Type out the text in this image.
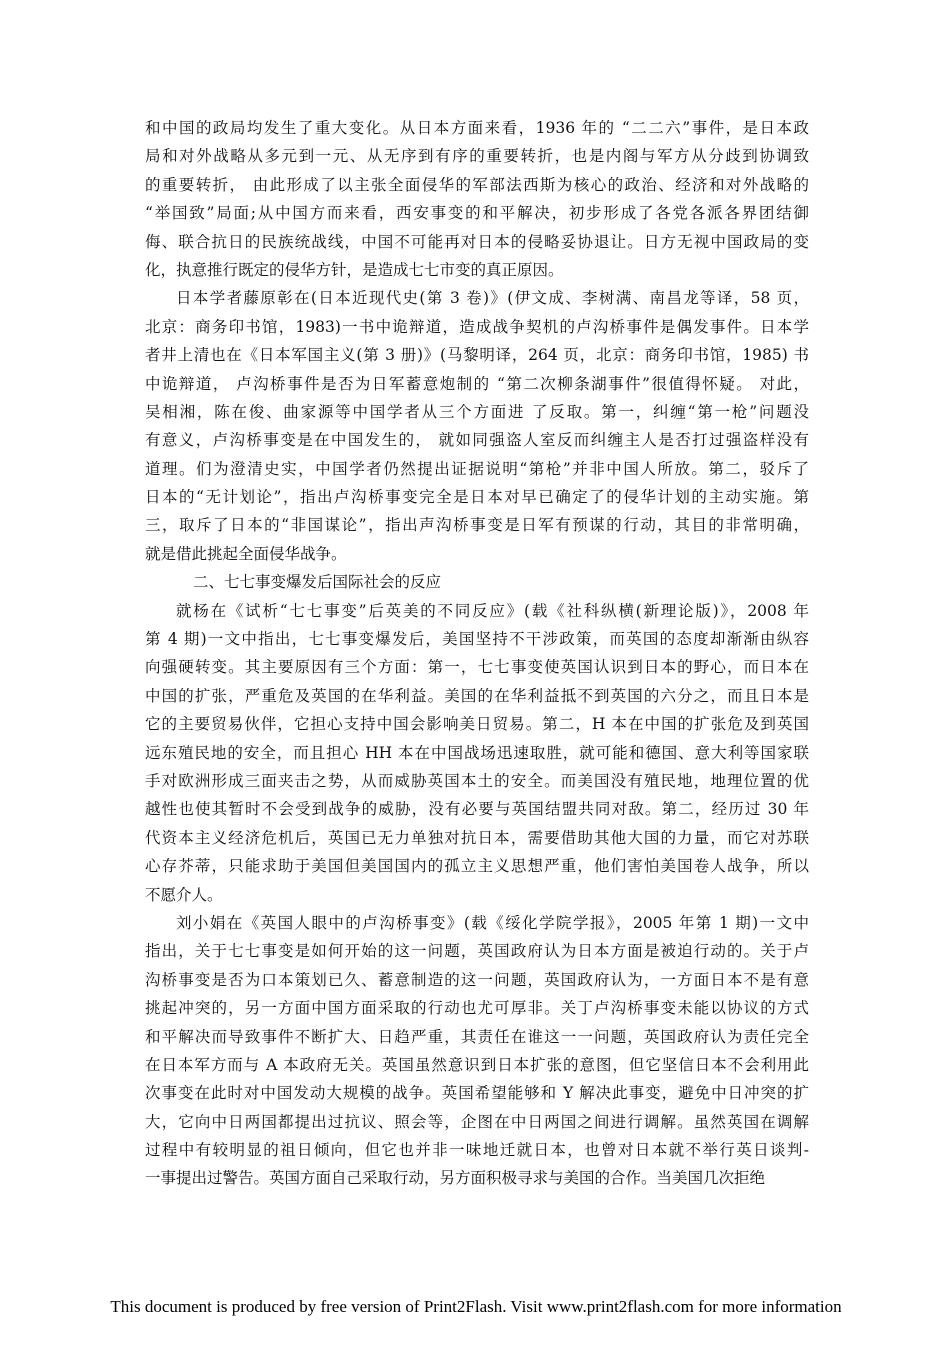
和中国的政局均发生了重大变化。从日本方面来看，1936 年的 “二二六”事件，是日本政
局和对外战略从多元到一元、从无序到有序的重要转折，也是内阁与军方从分歧到协调致
的重要转折， 由此形成了以主张全面侵华的军部法西斯为核心的政治、经济和对外战略的
“举国致”局面;从中国方而来看，西安事变的和平解决，初步形成了各党各派各界团结御
侮、联合抗日的民族统战线，中国不可能再对日本的侵略妥协退让。日方无视中国政局的变
化，执意推行既定的侵华方针，是造成七七市变的真正原因。
日本学者藤原彰在(日本近现代史(第 3 卷)》(伊文成、李树满、南昌龙等译，58 页，
北京：商务印书馆，1983)一书中诡辩道，造成战争契机的卢沟桥事件是偶发事件。日本学
者井上清也在《日本军国主义(第 3 册)》(马黎明译，264 页，北京：商务印书馆，1985) 书
中诡辩道， 卢沟桥事件是否为日军蓄意炮制的 “第二次柳条湖事件”很值得怀疑。 对此，
吴相湘，陈在俊、曲家源等中国学者从三个方面进 了反取。第一，纠缠“第一枪”问题没
有意义，卢沟桥事变是在中国发生的， 就如同强盗人室反而纠缠主人是否打过强盗样没有
道理。们为澄清史实，中国学者仍然提出证据说明“第枪”并非中国人所放。第二，驳斥了
日本的“无计划论”，指出卢沟桥事变完全是日本对早已确定了的侵华计划的主动实施。第
三，取斥了日本的“非国谋论”，指出声沟桥事变是日军有预谋的行动，其目的非常明确，
就是借此挑起全面侵华战争。
二、七七事变爆发后国际社会的反应
就杨在《试析“七七事变”后英美的不同反应》(载《社科纵横(新理论版)》，2008 年
第 4 期)一文中指出，七七事变爆发后，美国坚持不干涉政策，而英国的态度却渐渐由纵容
向强硬转变。其主要原因有三个方面：第一，七七事变使英国认识到日本的野心，而日本在
中国的扩张，严重危及英国的在华利益。美国的在华利益抵不到英国的六分之，而且日本是
它的主要贸易伙伴，它担心支持中国会影响美日贸易。第二，H 本在中国的扩张危及到英国
远东殖民地的安全，而且担心 HH 本在中国战场迅速取胜，就可能和德国、意大利等国家联
手对欧洲形成三面夹击之势，从而威胁英国本土的安全。而美国没有殖民地，地理位置的优
越性也使其暂时不会受到战争的威胁，没有必要与英国结盟共同对敌。第二，经历过 30 年
代资本主义经济危机后，英国已无力单独对抗日本，需要借助其他大国的力量，而它对苏联
心存芥蒂，只能求助于美国但美国国内的孤立主义思想严重，他们害怕美国卷人战争，所以
不愿介人。
刘小娟在《英国人眼中的卢沟桥事变》(载《绥化学院学报》，2005 年第 1 期)一文中
指出，关于七七事变是如何开始的这一问题，英国政府认为日本方面是被迫行动的。关于卢
沟桥事变是否为口本策划已久、蓄意制造的这一问题，英国政府认为，一方面日本不是有意
挑起冲突的，另一方面中国方面采取的行动也尤可厚非。关丁卢沟桥事变未能以协议的方式
和平解决而导致事件不断扩大、日趋严重，其责任在谁这一一问题，英国政府认为责任完全
在日本军方而与 A 本政府无关。英国虽然意识到日本扩张的意图，但它坚信日本不会利用此
次事变在此时对中国发动大规模的战争。英国希望能够和 Y 解决此事变，避免中日冲突的扩
大，它向中日两国都提出过抗议、照会等，企图在中日两国之间进行调解。虽然英国在调解
过程中有较明显的祖日倾向，但它也并非一味地迁就日本，也曾对日本就不举行英日谈判-
一事提出过警告。英国方面自己采取行动，另方面积极寻求与美国的合作。当美国几次拒绝
This document is produced by free version of Print2Flash. Visit www.print2flash.com for more information
